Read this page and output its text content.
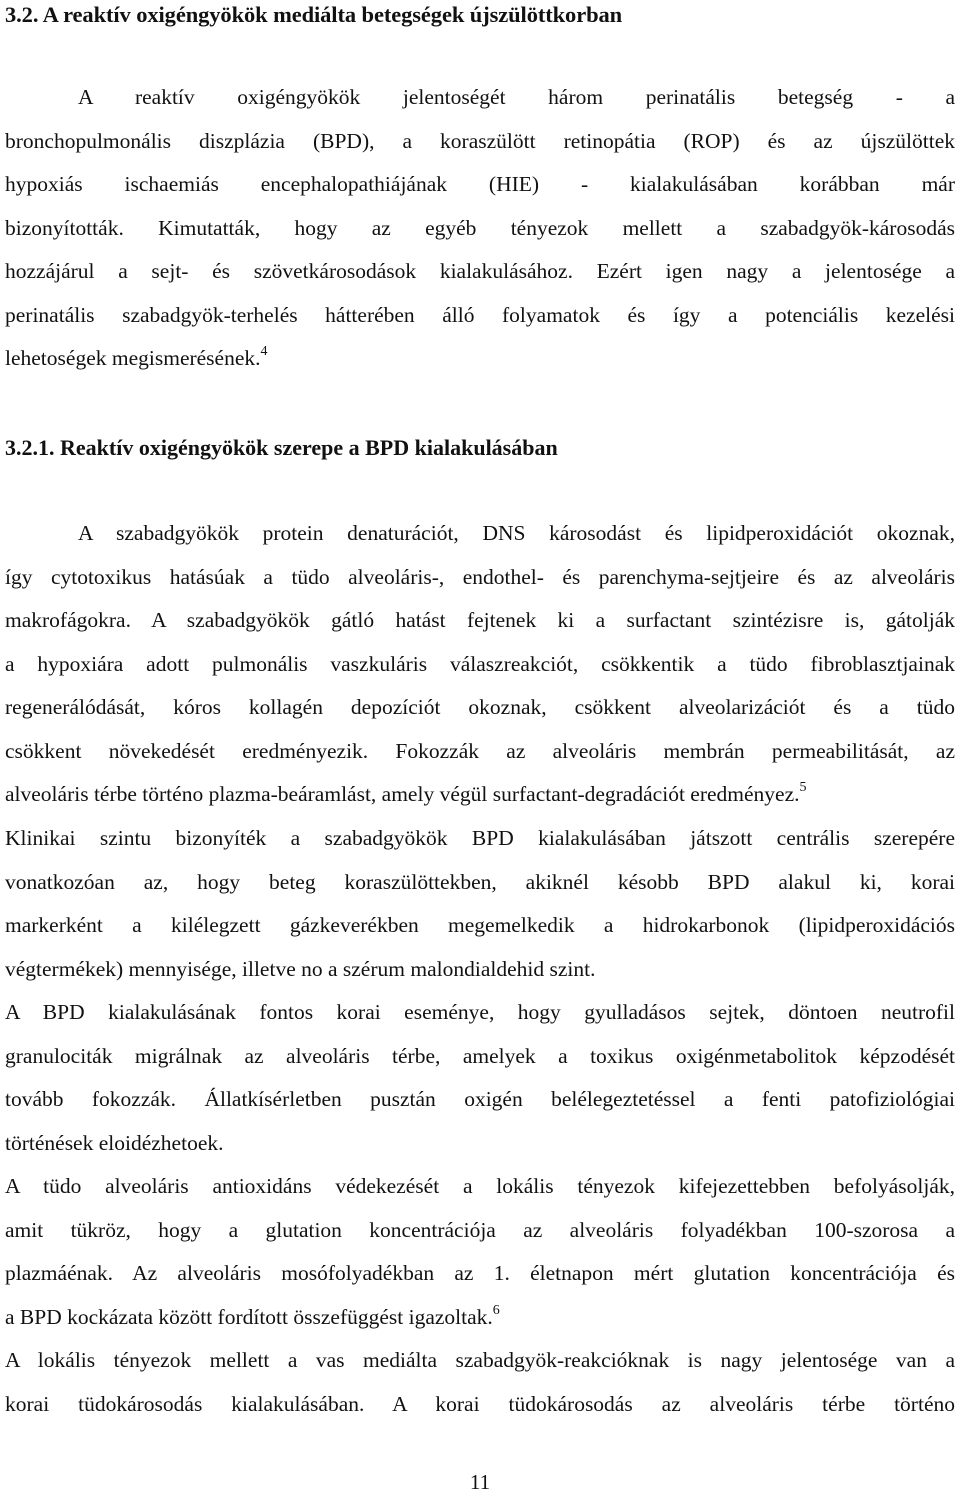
3.2. A reaktív oxigéngyökök mediálta betegségek újszülöttkorban
A reaktív oxigéngyökök jelentoségét három perinatális betegség - a
bronchopulmonális diszplázia (BPD), a koraszülött retinopátia (ROP) és az újszülöttek
hypoxiás ischaemiás encephalopathiájának (HIE) - kialakulásában korábban már
bizonyították. Kimutatták, hogy az egyéb tényezok mellett a szabadgyök-károsodás
hozzájárul a sejt- és szövetkárosodások kialakulásához. Ezért igen nagy a jelentosége a
perinatális szabadgyök-terhelés hátterében álló folyamatok és így a potenciális kezelési
lehetoségek megismerésének.$^4$
3.2.1. Reaktív oxigéngyökök szerepe a BPD kialakulásában
A szabadgyökök protein denaturációt, DNS károsodást és lipidperoxidációt okoznak,
így cytotoxikus hatásúak a tüdo alveoláris-, endothel- és parenchyma-sejtjeire és az alveoláris
makrofágokra. A szabadgyökök gátló hatást fejtenek ki a surfactant szintézisre is, gátolják
a hypoxiára adott pulmonális vaszkuláris válaszreakciót, csökkentik a tüdo fibroblasztjainak
regenerálódását, kóros kollagén depozíciót okoznak, csökkent alveolarizációt és a tüdo
csökkent növekedését eredményezik. Fokozzák az alveoláris membrán permeabilitását, az
alveoláris térbe történo plazma-beáramlást, amely végül surfactant-degradációt eredményez.$^5$
Klinikai szintu bizonyíték a szabadgyökök BPD kialakulásában játszott centrális szerepére
vonatkozóan az, hogy beteg koraszülöttekben, akiknél késobb BPD alakul ki, korai
markerként a kilélegzett gázkeverékben megemelkedik a hidrokarbonok (lipidperoxidációs
végtermékek) mennyisége, illetve no a szérum malondialdehid szint.
A BPD kialakulásának fontos korai eseménye, hogy gyulladásos sejtek, döntoen neutrofil
granulociták migrálnak az alveoláris térbe, amelyek a toxikus oxigénmetabolitok képzodését
tovább fokozzák. Állatkísérletben pusztán oxigén belélegeztetéssel a fenti patofiziológiai
történések eloidézhetoek.
A tüdo alveoláris antioxidáns védekezését a lokális tényezok kifejezettebben befolyásolják,
amit tükröz, hogy a glutation koncentrációja az alveoláris folyadékban 100-szorosa a
plazmáénak. Az alveoláris mosófolyadékban az 1. életnapon mért glutation koncentrációja és
a BPD kockázata között fordított összefüggést igazoltak.$^6$
A lokális tényezok mellett a vas mediálta szabadgyök-reakcióknak is nagy jelentosége van a
korai tüdokárosodás kialakulásában. A korai tüdokárosodás az alveoláris térbe történo
11
